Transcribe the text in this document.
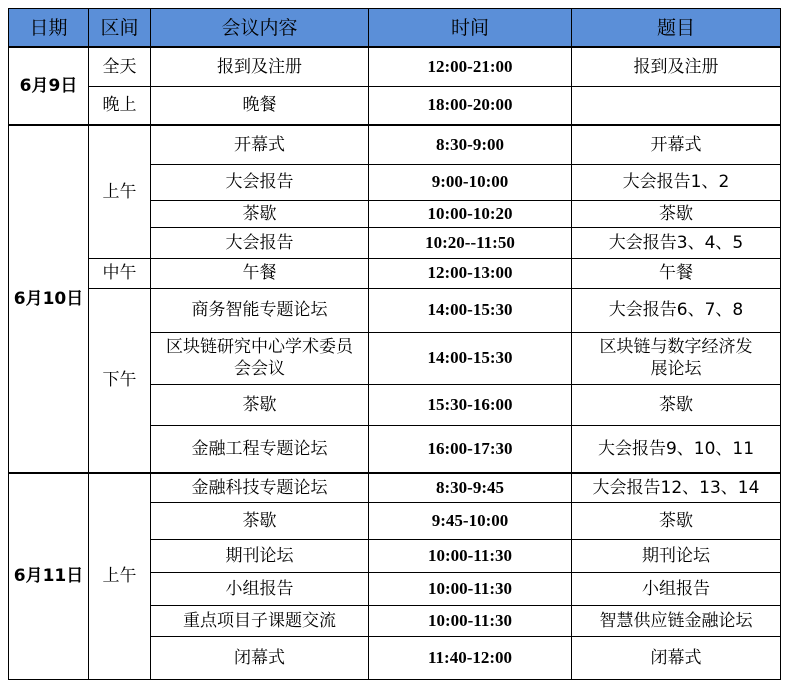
日期	区间	会议内容	时间	题目
6月9日	全天	报到及注册	12:00-21:00	报到及注册
	晚上	晚餐	18:00-20:00	
6月10日	上午	开幕式	8:30-9:00	开幕式
		大会报告	9:00-10:00	大会报告1、2
		茶歇	10:00-10:20	茶歇
		大会报告	10:20--11:50	大会报告3、4、5
	中午	午餐	12:00-13:00	午餐
	下午	商务智能专题论坛	14:00-15:30	大会报告6、7、8
		区块链研究中心学术委员会会议	14:00-15:30	区块链与数字经济发展论坛
		茶歇	15:30-16:00	茶歇
		金融工程专题论坛	16:00-17:30	大会报告9、10、11
6月11日	上午	金融科技专题论坛	8:30-9:45	大会报告12、13、14
		茶歇	9:45-10:00	茶歇
		期刊论坛	10:00-11:30	期刊论坛
		小组报告	10:00-11:30	小组报告
		重点项目子课题交流	10:00-11:30	智慧供应链金融论坛
		闭幕式	11:40-12:00	闭幕式
